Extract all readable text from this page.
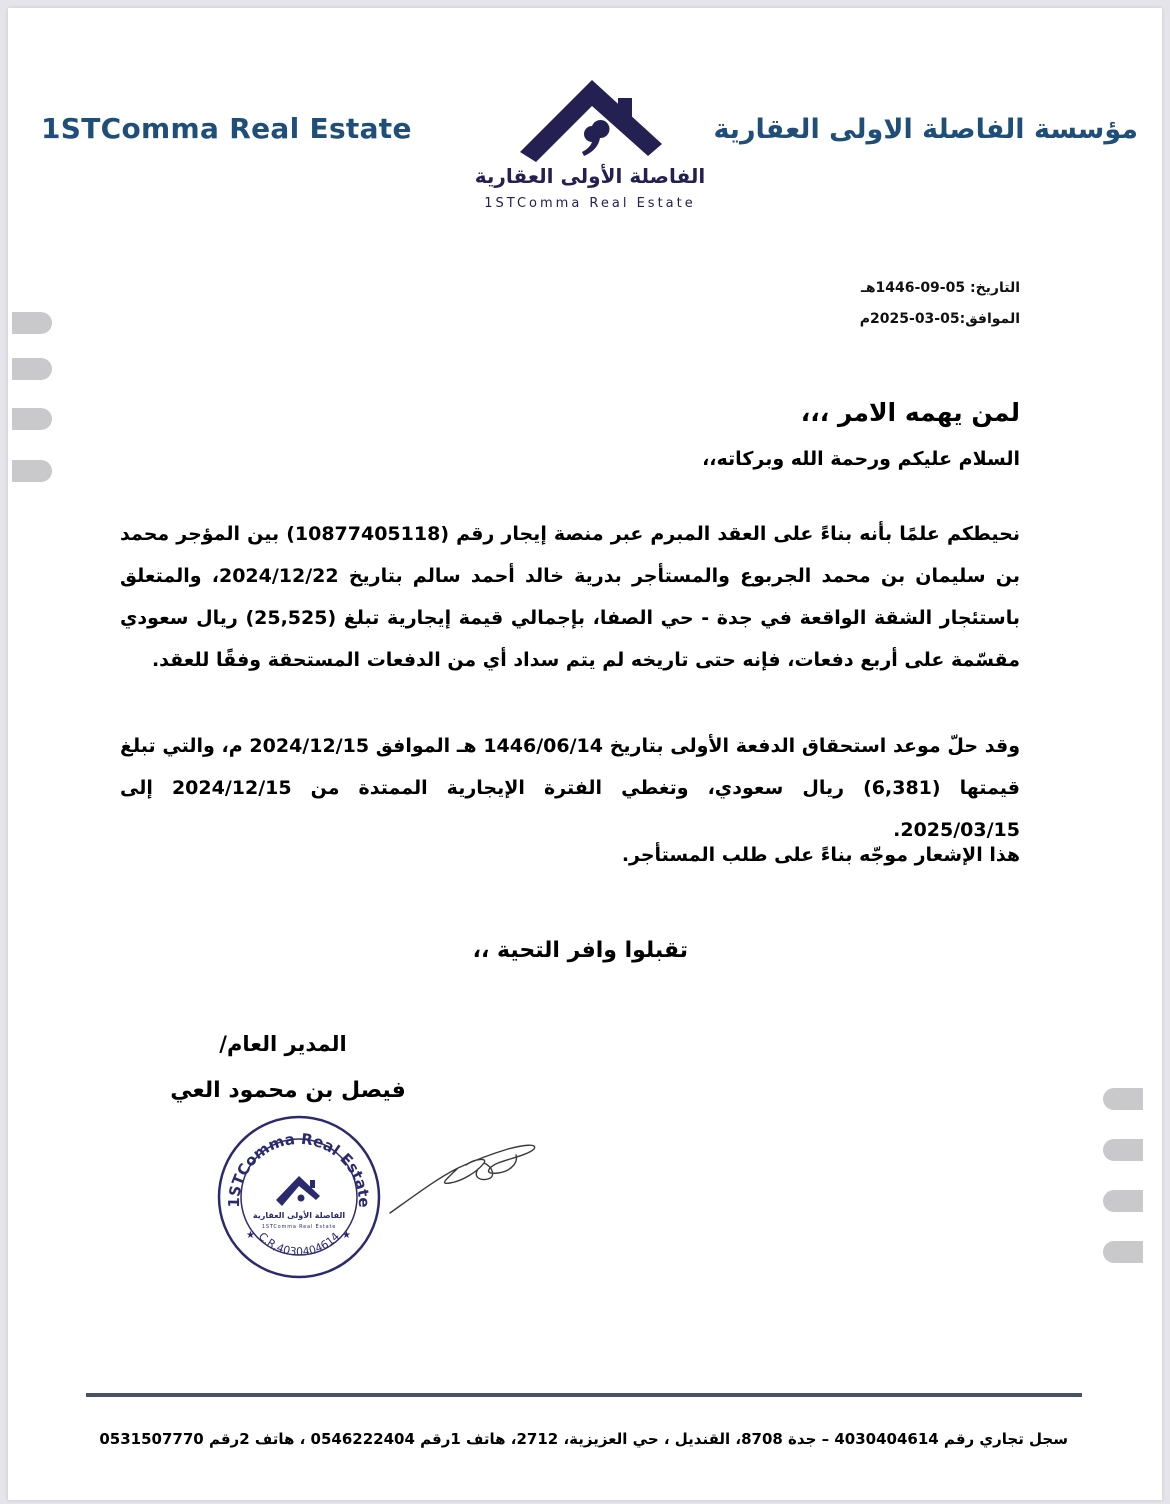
1STComma Real Estate
الفاصلة الأولى العقارية
1STComma Real Estate
مؤسسة الفاصلة الاولى العقارية
التاريخ: 05-09-1446هـ
الموافق:05-03-2025م
لمن يهمه الامر ،،،
السلام عليكم ورحمة الله وبركاته،،
نحيطكم علمًا بأنه بناءً على العقد المبرم عبر منصة إيجار رقم (10877405118) بين المؤجر محمد بن سليمان بن محمد الجربوع والمستأجر بدرية خالد أحمد سالم بتاريخ 2024/12/22، والمتعلق باستئجار الشقة الواقعة في جدة - حي الصفا، بإجمالي قيمة إيجارية تبلغ (25,525) ريال سعودي مقسّمة على أربع دفعات، فإنه حتى تاريخه لم يتم سداد أي من الدفعات المستحقة وفقًا للعقد.
وقد حلّ موعد استحقاق الدفعة الأولى بتاريخ 1446/06/14 هـ الموافق 2024/12/15 م، والتي تبلغ قيمتها (6,381) ريال سعودي، وتغطي الفترة الإيجارية الممتدة من 2024/12/15 إلى 2025/03/15.
هذا الإشعار موجّه بناءً على طلب المستأجر.
تقبلوا وافر التحية ،،
المدير العام/
فيصل بن محمود العي
1STComma Real Estate
الفاصلة الأولى العقارية
1STComma Real Estate
★	★
C.R,4030404614
سجل تجاري رقم 4030404614 – جدة 8708، القنديل ، حي العزيزية، 2712، هاتف 1رقم 0546222404 ، هاتف 2رقم 0531507770
